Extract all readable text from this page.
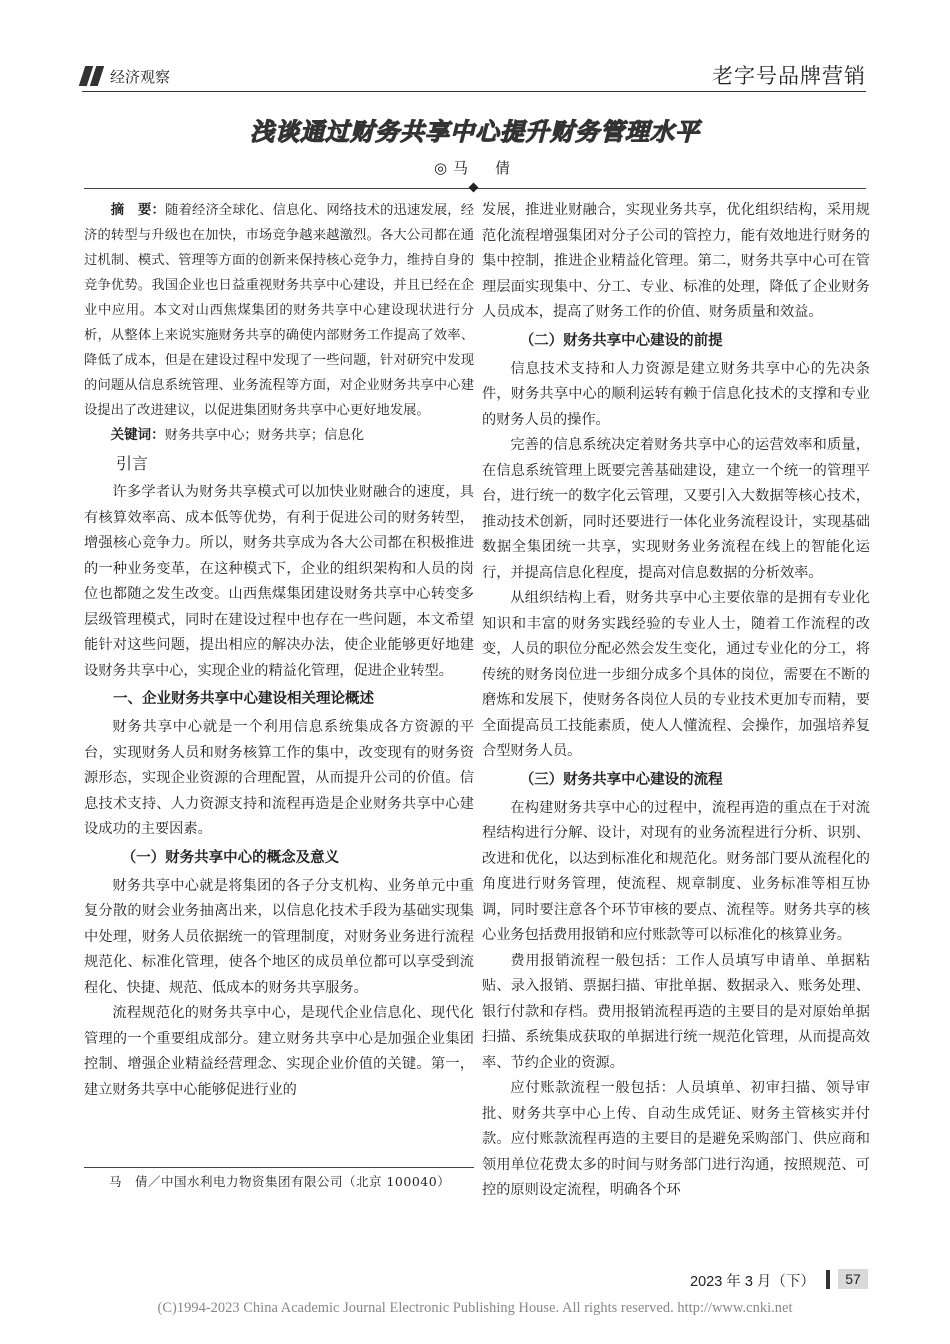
经济观察	老字号品牌营销
浅谈通过财务共享中心提升财务管理水平
◎马　倩

摘　要：随着经济全球化、信息化、网络技术的迅速发展，经济的转型与升级也在加快，市场竞争越来越激烈。各大公司都在通过机制、模式、管理等方面的创新来保持核心竞争力，维持自身的竞争优势。我国企业也日益重视财务共享中心建设，并且已经在企业中应用。本文对山西焦煤集团的财务共享中心建设现状进行分析，从整体上来说实施财务共享的确使内部财务工作提高了效率、降低了成本，但是在建设过程中发现了一些问题，针对研究中发现的问题从信息系统管理、业务流程等方面，对企业财务共享中心建设提出了改进建议，以促进集团财务共享中心更好地发展。

关键词：财务共享中心；财务共享；信息化

引言

许多学者认为财务共享模式可以加快业财融合的速度，具有核算效率高、成本低等优势，有利于促进公司的财务转型，增强核心竞争力。所以，财务共享成为各大公司都在积极推进的一种业务变革，在这种模式下，企业的组织架构和人员的岗位也都随之发生改变。山西焦煤集团建设财务共享中心转变多层级管理模式，同时在建设过程中也存在一些问题，本文希望能针对这些问题，提出相应的解决办法，使企业能够更好地建设财务共享中心，实现企业的精益化管理，促进企业转型。

一、企业财务共享中心建设相关理论概述

财务共享中心就是一个利用信息系统集成各方资源的平台，实现财务人员和财务核算工作的集中，改变现有的财务资源形态，实现企业资源的合理配置，从而提升公司的价值。信息技术支持、人力资源支持和流程再造是企业财务共享中心建设成功的主要因素。

（一）财务共享中心的概念及意义

财务共享中心就是将集团的各子分支机构、业务单元中重复分散的财会业务抽离出来，以信息化技术手段为基础实现集中处理，财务人员依据统一的管理制度，对财务业务进行流程规范化、标准化管理，使各个地区的成员单位都可以享受到流程化、快捷、规范、低成本的财务共享服务。

流程规范化的财务共享中心，是现代企业信息化、现代化管理的一个重要组成部分。建立财务共享中心是加强企业集团控制、增强企业精益经营理念、实现企业价值的关键。第一，建立财务共享中心能够促进行业的

发展，推进业财融合，实现业务共享，优化组织结构，采用规范化流程增强集团对分子公司的管控力，能有效地进行财务的集中控制，推进企业精益化管理。第二，财务共享中心可在管理层面实现集中、分工、专业、标准的处理，降低了企业财务人员成本，提高了财务工作的价值、财务质量和效益。

（二）财务共享中心建设的前提

信息技术支持和人力资源是建立财务共享中心的先决条件，财务共享中心的顺利运转有赖于信息化技术的支撑和专业的财务人员的操作。

完善的信息系统决定着财务共享中心的运营效率和质量，在信息系统管理上既要完善基础建设，建立一个统一的管理平台，进行统一的数字化云管理，又要引入大数据等核心技术，推动技术创新，同时还要进行一体化业务流程设计，实现基础数据全集团统一共享，实现财务业务流程在线上的智能化运行，并提高信息化程度，提高对信息数据的分析效率。

从组织结构上看，财务共享中心主要依靠的是拥有专业化知识和丰富的财务实践经验的专业人士，随着工作流程的改变，人员的职位分配必然会发生变化，通过专业化的分工，将传统的财务岗位进一步细分成多个具体的岗位，需要在不断的磨炼和发展下，使财务各岗位人员的专业技术更加专而精，要全面提高员工技能素质，使人人懂流程、会操作，加强培养复合型财务人员。

（三）财务共享中心建设的流程

在构建财务共享中心的过程中，流程再造的重点在于对流程结构进行分解、设计，对现有的业务流程进行分析、识别、改进和优化，以达到标准化和规范化。财务部门要从流程化的角度进行财务管理，使流程、规章制度、业务标准等相互协调，同时要注意各个环节审核的要点、流程等。财务共享的核心业务包括费用报销和应付账款等可以标准化的核算业务。

费用报销流程一般包括：工作人员填写申请单、单据粘贴、录入报销、票据扫描、审批单据、数据录入、账务处理、银行付款和存档。费用报销流程再造的主要目的是对原始单据扫描、系统集成获取的单据进行统一规范化管理，从而提高效率、节约企业的资源。

应付账款流程一般包括：人员填单、初审扫描、领导审批、财务共享中心上传、自动生成凭证、财务主管核实并付款。应付账款流程再造的主要目的是避免采购部门、供应商和领用单位花费太多的时间与财务部门进行沟通，按照规范、可控的原则设定流程，明确各个环

马　倩／中国水利电力物资集团有限公司（北京 100040）
2023 年 3 月（下）	57
(C)1994-2023 China Academic Journal Electronic Publishing House. All rights reserved. http://www.cnki.net
